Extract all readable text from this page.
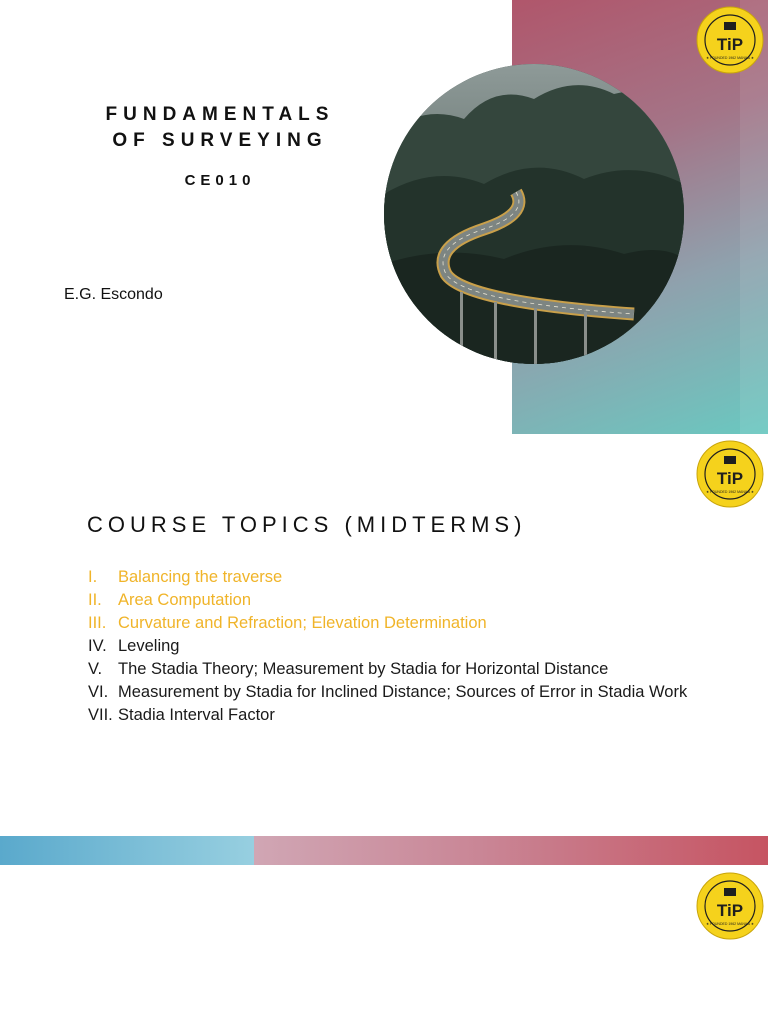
FUNDAMENTALS
OF SURVEYING
CE010
E.G. Escondo
TiP
★ FOUNDED 1962 MANILA ★
TiP
★ FOUNDED 1962 MANILA ★
COURSE TOPICS (MIDTERMS)
I.	Balancing the traverse
II. Area Computation
III. Curvature and Refraction; Elevation Determination
IV. Leveling
V. The Stadia Theory; Measurement by Stadia for Horizontal Distance
VI. Measurement by Stadia for Inclined Distance; Sources of Error in Stadia Work
VII. Stadia Interval Factor
TiP
★ FOUNDED 1962 MANILA ★
